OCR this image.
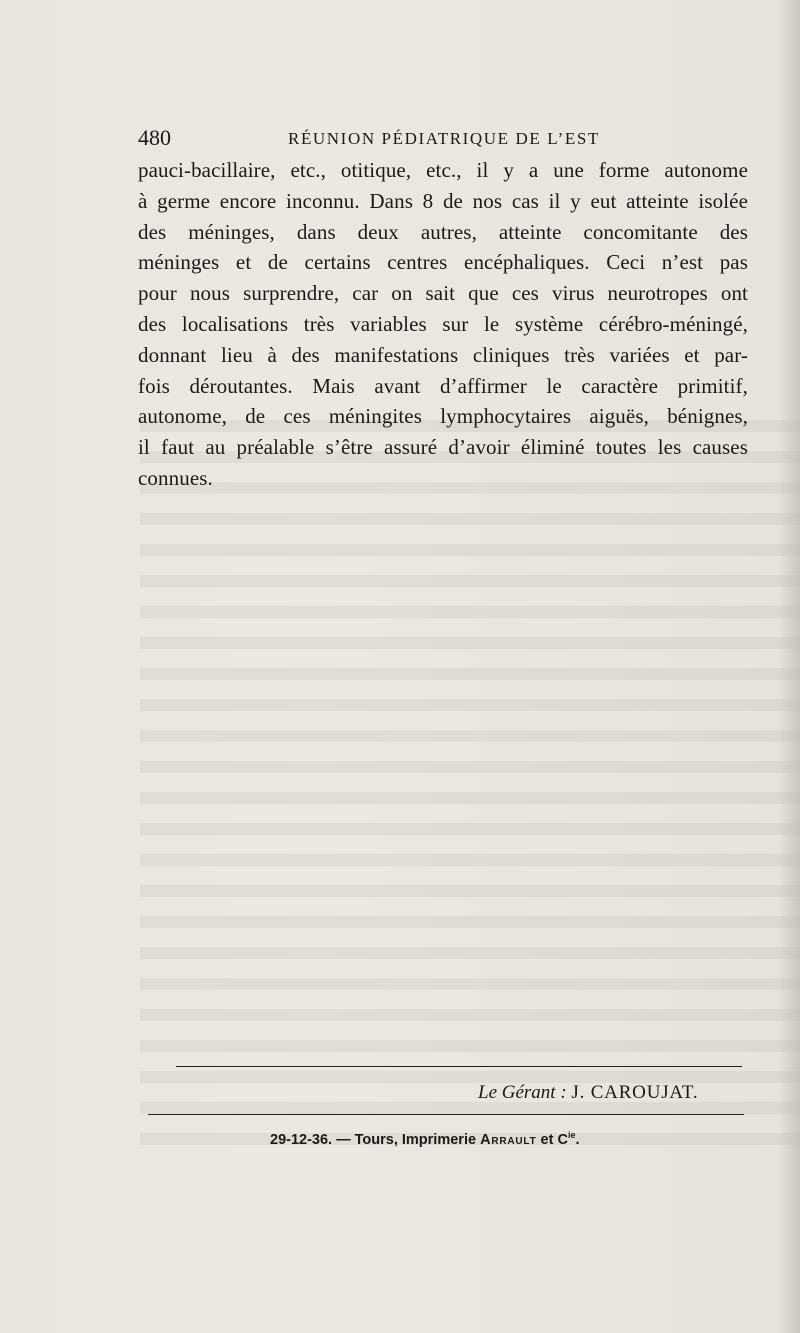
480	RÉUNION PÉDIATRIQUE DE L’EST

pauci-bacillaire, etc., otitique, etc., il y a une forme autonome
à germe encore inconnu. Dans 8 de nos cas il y eut atteinte isolée
des méninges, dans deux autres, atteinte concomitante des
méninges et de certains centres encéphaliques. Ceci n’est pas
pour nous surprendre, car on sait que ces virus neurotropes ont
des localisations très variables sur le système cérébro-méningé,
donnant lieu à des manifestations cliniques très variées et par-
fois déroutantes. Mais avant d’affirmer le caractère primitif,
autonome, de ces méningites lymphocytaires aiguës, bénignes,
il faut au préalable s’être assuré d’avoir éliminé toutes les causes
connues.

Le Gérant : J. CAROUJAT.
29-12-36. — Tours, Imprimerie Arrault et $C^{ie}$.
